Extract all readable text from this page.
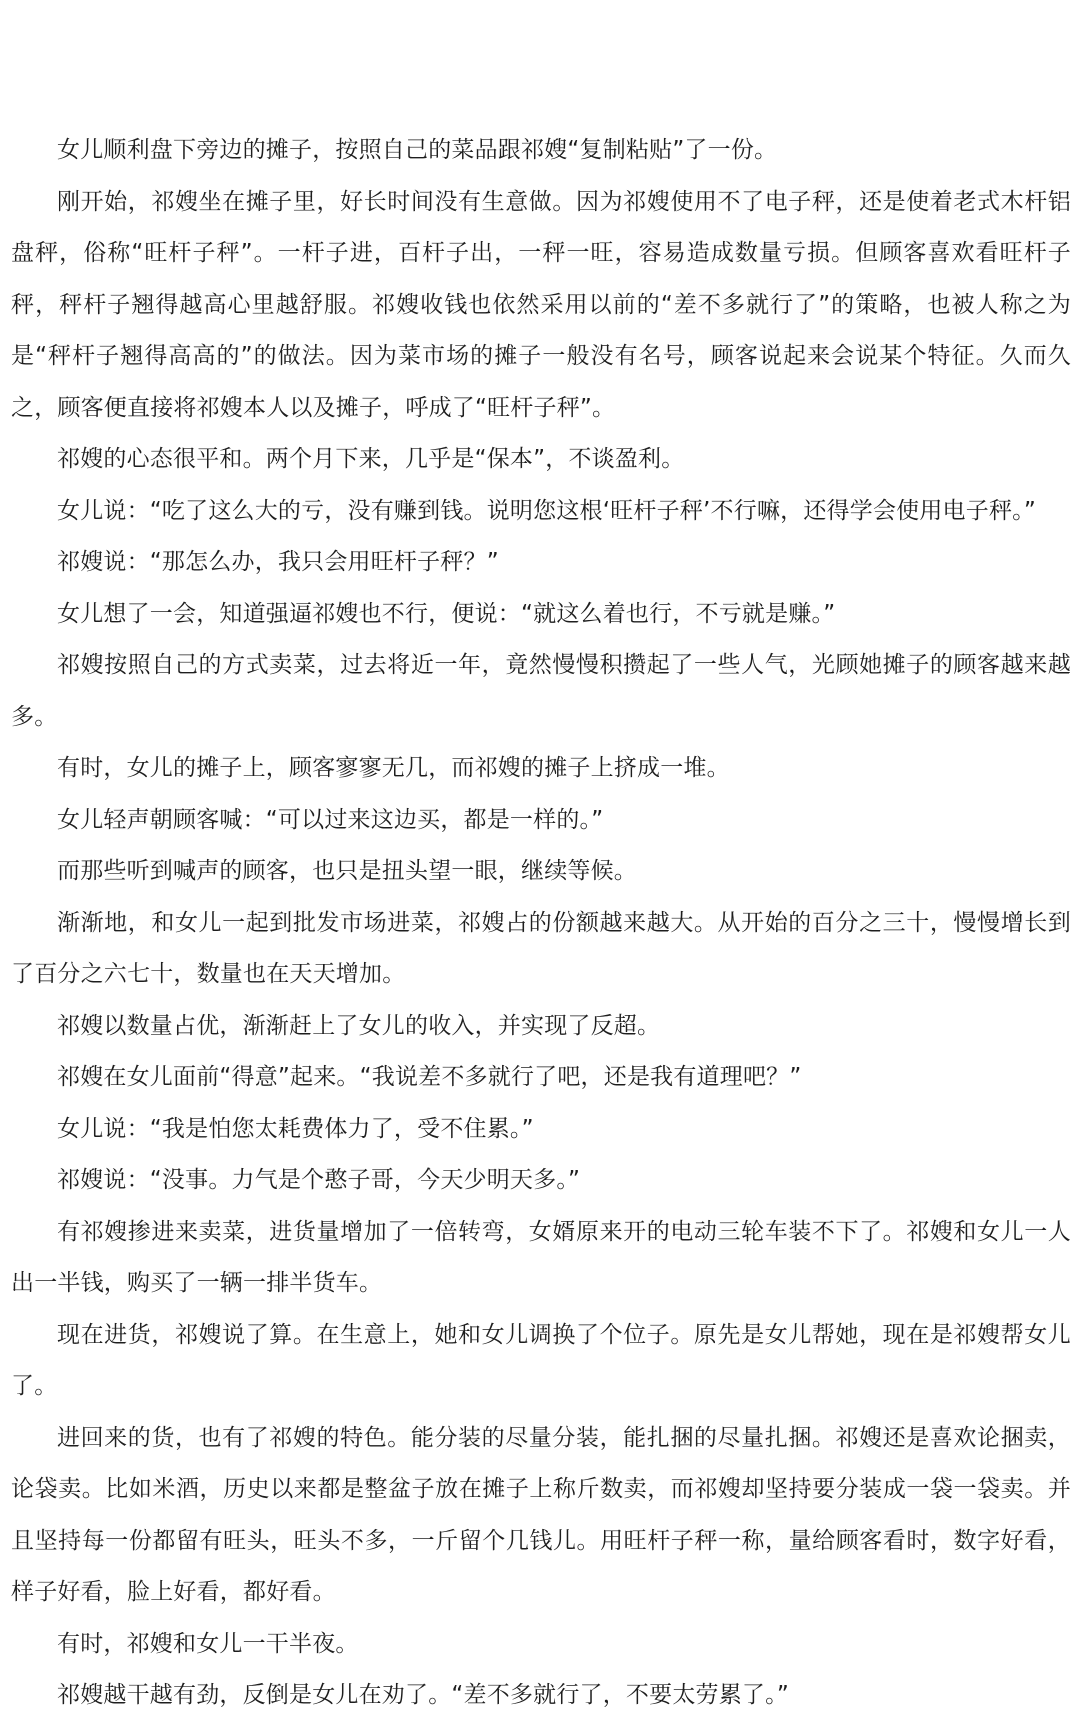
女儿顺利盘下旁边的摊子，按照自己的菜品跟祁嫂“复制粘贴”了一份。

刚开始，祁嫂坐在摊子里，好长时间没有生意做。因为祁嫂使用不了电子秤，还是使着老式木杆铝盘秤，俗称“旺杆子秤”。一杆子进，百杆子出，一秤一旺，容易造成数量亏损。但顾客喜欢看旺杆子秤，秤杆子翘得越高心里越舒服。祁嫂收钱也依然采用以前的“差不多就行了”的策略，也被人称之为是“秤杆子翘得高高的”的做法。因为菜市场的摊子一般没有名号，顾客说起来会说某个特征。久而久之，顾客便直接将祁嫂本人以及摊子，呼成了“旺杆子秤”。

祁嫂的心态很平和。两个月下来，几乎是“保本”，不谈盈利。

女儿说：“吃了这么大的亏，没有赚到钱。说明您这根‘旺杆子秤’不行嘛，还得学会使用电子秤。”

祁嫂说：“那怎么办，我只会用旺杆子秤？”

女儿想了一会，知道强逼祁嫂也不行，便说：“就这么着也行，不亏就是赚。”

祁嫂按照自己的方式卖菜，过去将近一年，竟然慢慢积攒起了一些人气，光顾她摊子的顾客越来越多。

有时，女儿的摊子上，顾客寥寥无几，而祁嫂的摊子上挤成一堆。

女儿轻声朝顾客喊：“可以过来这边买，都是一样的。”

而那些听到喊声的顾客，也只是扭头望一眼，继续等候。

渐渐地，和女儿一起到批发市场进菜，祁嫂占的份额越来越大。从开始的百分之三十，慢慢增长到了百分之六七十，数量也在天天增加。

祁嫂以数量占优，渐渐赶上了女儿的收入，并实现了反超。

祁嫂在女儿面前“得意”起来。“我说差不多就行了吧，还是我有道理吧？”

女儿说：“我是怕您太耗费体力了，受不住累。”

祁嫂说：“没事。力气是个憨子哥，今天少明天多。”

有祁嫂掺进来卖菜，进货量增加了一倍转弯，女婿原来开的电动三轮车装不下了。祁嫂和女儿一人出一半钱，购买了一辆一排半货车。

现在进货，祁嫂说了算。在生意上，她和女儿调换了个位子。原先是女儿帮她，现在是祁嫂帮女儿了。

进回来的货，也有了祁嫂的特色。能分装的尽量分装，能扎捆的尽量扎捆。祁嫂还是喜欢论捆卖，论袋卖。比如米酒，历史以来都是整盆子放在摊子上称斤数卖，而祁嫂却坚持要分装成一袋一袋卖。并且坚持每一份都留有旺头，旺头不多，一斤留个几钱儿。用旺杆子秤一称，量给顾客看时，数字好看，样子好看，脸上好看，都好看。

有时，祁嫂和女儿一干半夜。

祁嫂越干越有劲，反倒是女儿在劝了。“差不多就行了，不要太劳累了。”
